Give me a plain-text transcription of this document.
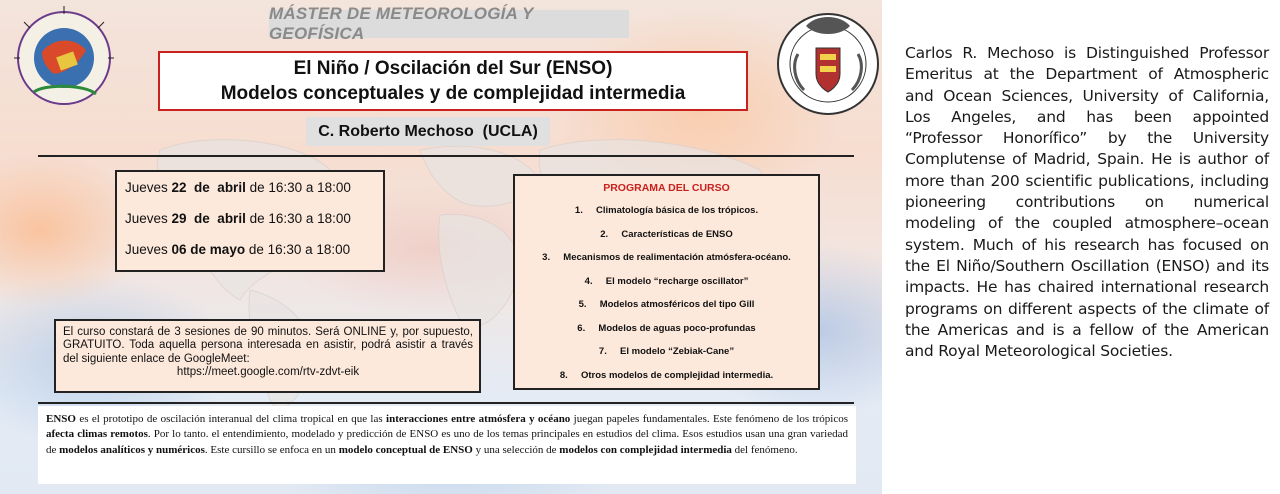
MÁSTER DE METEOROLOGÍA Y GEOFÍSICA
El Niño / Oscilación del Sur (ENSO)
Modelos conceptuales y de complejidad intermedia
C. Roberto Mechoso  (UCLA)
Jueves 22  de  abril de 16:30 a 18:00
Jueves 29  de  abril de 16:30 a 18:00
Jueves 06 de mayo de 16:30 a 18:00
El curso constará de 3 sesiones de 90 minutos. Será ONLINE y, por supuesto, GRATUITO. Toda aquella persona interesada en asistir, podrá asistir a través del siguiente enlace de GoogleMeet:
https://meet.google.com/rtv-zdvt-eik
PROGRAMA DEL CURSO
1.     Climatología básica de los trópicos.
2.     Características de ENSO
3.     Mecanismos de realimentación atmósfera-océano.
4.     El modelo “recharge oscillator”
5.     Modelos atmosféricos del tipo Gill
6.     Modelos de aguas poco-profundas
7.     El modelo “Zebiak-Cane”
8.     Otros modelos de complejidad intermedia.
ENSO es el prototipo de oscilación interanual del clima tropical en que las interacciones entre atmósfera y océano juegan papeles fundamentales. Este fenómeno de los trópicos afecta climas remotos. Por lo tanto. el entendimiento, modelado y predicción de ENSO es uno de los temas principales en estudios del clima. Esos estudios usan una gran variedad de modelos analíticos y numéricos. Este cursillo se enfoca en un modelo conceptual de ENSO y una selección de modelos con complejidad intermedia del fenómeno.
Carlos R. Mechoso is Distinguished Professor Emeritus at the Department of Atmospheric and Ocean Sciences, University of California, Los Angeles, and has been appointed “Professor Honorífico” by the University Complutense of Madrid, Spain. He is author of more than 200 scientific publications, including pioneering contributions on numerical modeling of the coupled atmosphere–ocean system. Much of his research has focused on the El Niño/Southern Oscillation (ENSO) and its impacts. He has chaired international research programs on different aspects of the climate of the Americas and is a fellow of the American and Royal Meteorological Societies.
